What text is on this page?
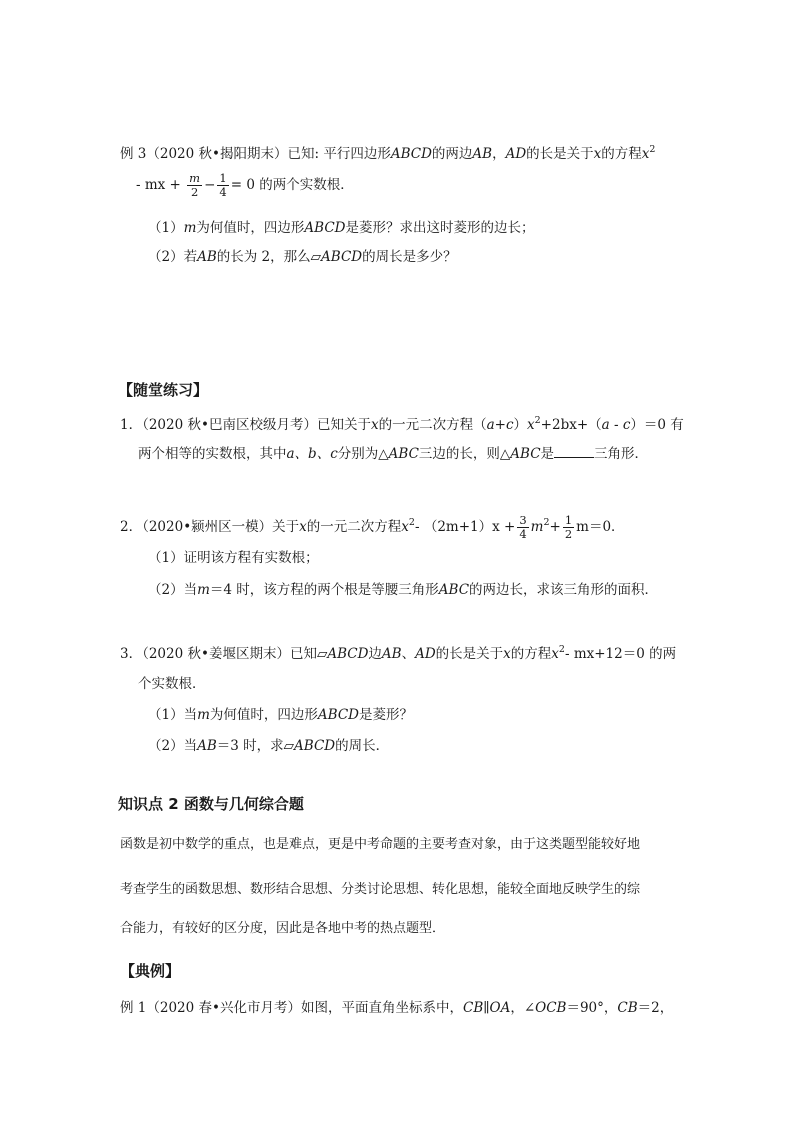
例 3（2020 秋•揭阳期末）已知: 平行四边形ABCD的两边AB，AD的长是关于x的方程$x^2$
- mx + $\frac{m}{2} - \frac{1}{4} = 0$ 的两个实数根．
（1）m为何值时，四边形ABCD是菱形？求出这时菱形的边长；
（2）若AB的长为 2，那么▱ABCD的周长是多少？
【随堂练习】
1．（2020 秋•巴南区校级月考）已知关于x的一元二次方程$(a+c)x^2+2bx+(a - c)=0$ 有
两个相等的实数根，其中a、b、c分别为△ABC三边的长，则△ABC是	三角形．
2．（2020•颍州区一模）关于x的一元二次方程$x^2-$ $(2m+1)x + \frac{3}{4} m^2+ \frac{1}{2} m=0$．
（1）证明该方程有实数根；
（2）当m＝4 时，该方程的两个根是等腰三角形ABC的两边长，求该三角形的面积．
3．（2020 秋•姜堰区期末）已知▱ABCD边AB、AD的长是关于x的方程$x^2-$ mx+12＝0 的两
个实数根．
（1）当m为何值时，四边形ABCD是菱形？
（2）当AB＝3 时，求▱ABCD的周长．
知识点 2 函数与几何综合题
函数是初中数学的重点，也是难点，更是中考命题的主要考查对象，由于这类题型能较好地
考查学生的函数思想、数形结合思想、分类讨论思想、转化思想，能较全面地反映学生的综
合能力，有较好的区分度，因此是各地中考的热点题型．
【典例】
例 1（2020 春•兴化市月考）如图，平面直角坐标系中，CB∥OA，∠OCB＝90°，CB＝2，
